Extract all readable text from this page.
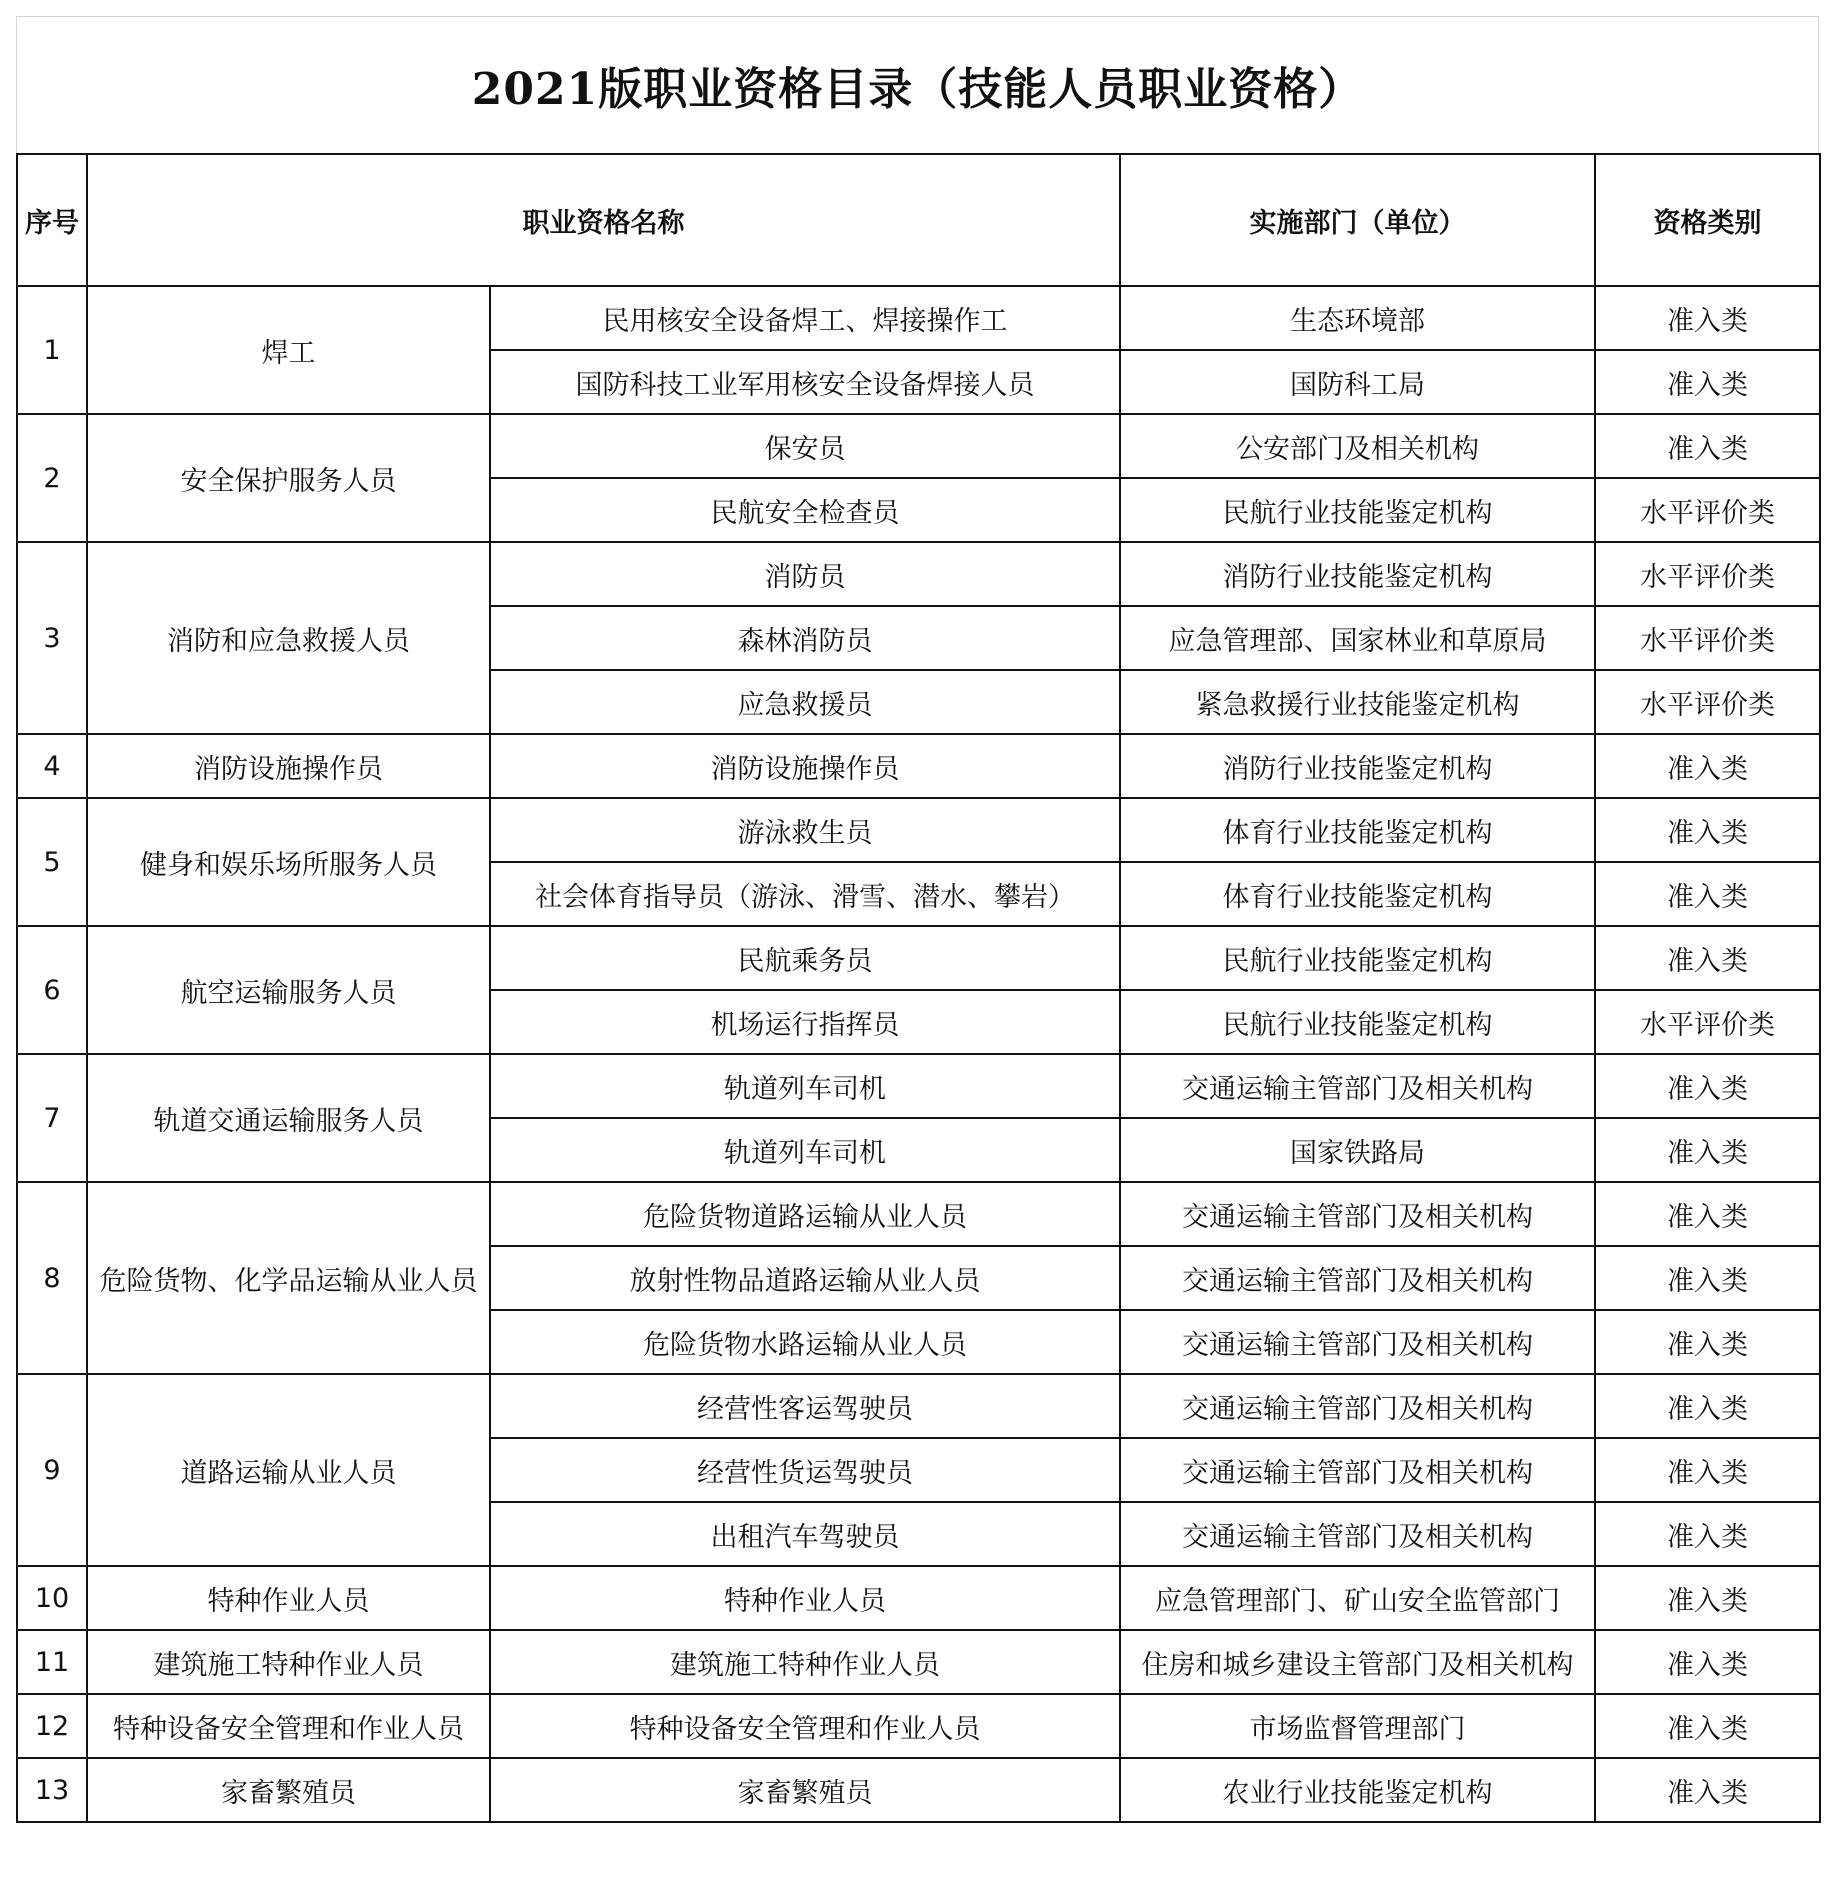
2021版职业资格目录（技能人员职业资格）
序号	职业资格名称		实施部门（单位）	资格类别
1	焊工	民用核安全设备焊工、焊接操作工	生态环境部	准入类
		国防科技工业军用核安全设备焊接人员	国防科工局	准入类
2	安全保护服务人员	保安员	公安部门及相关机构	准入类
		民航安全检查员	民航行业技能鉴定机构	水平评价类
3	消防和应急救援人员	消防员	消防行业技能鉴定机构	水平评价类
		森林消防员	应急管理部、国家林业和草原局	水平评价类
		应急救援员	紧急救援行业技能鉴定机构	水平评价类
4	消防设施操作员	消防设施操作员	消防行业技能鉴定机构	准入类
5	健身和娱乐场所服务人员	游泳救生员	体育行业技能鉴定机构	准入类
		社会体育指导员（游泳、滑雪、潜水、攀岩）	体育行业技能鉴定机构	准入类
6	航空运输服务人员	民航乘务员	民航行业技能鉴定机构	准入类
		机场运行指挥员	民航行业技能鉴定机构	水平评价类
7	轨道交通运输服务人员	轨道列车司机	交通运输主管部门及相关机构	准入类
		轨道列车司机	国家铁路局	准入类
8	危险货物、化学品运输从业人员	危险货物道路运输从业人员	交通运输主管部门及相关机构	准入类
		放射性物品道路运输从业人员	交通运输主管部门及相关机构	准入类
		危险货物水路运输从业人员	交通运输主管部门及相关机构	准入类
9	道路运输从业人员	经营性客运驾驶员	交通运输主管部门及相关机构	准入类
		经营性货运驾驶员	交通运输主管部门及相关机构	准入类
		出租汽车驾驶员	交通运输主管部门及相关机构	准入类
10	特种作业人员	特种作业人员	应急管理部门、矿山安全监管部门	准入类
11	建筑施工特种作业人员	建筑施工特种作业人员	住房和城乡建设主管部门及相关机构	准入类
12	特种设备安全管理和作业人员	特种设备安全管理和作业人员	市场监督管理部门	准入类
13	家畜繁殖员	家畜繁殖员	农业行业技能鉴定机构	准入类
